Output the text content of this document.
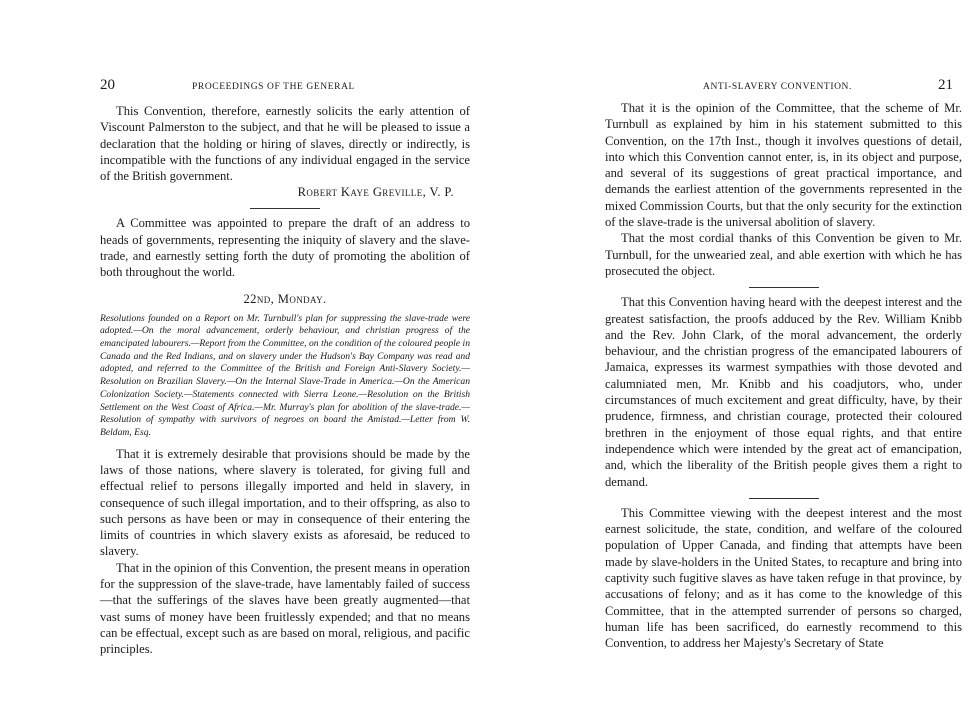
20	PROCEEDINGS OF THE GENERAL

This Convention, therefore, earnestly solicits the early attention of Viscount Palmerston to the subject, and that he will be pleased to issue a declaration that the holding or hiring of slaves, directly or indirectly, is incompatible with the functions of any individual engaged in the service of the British government.

Robert Kaye Greville, V. P.

A Committee was appointed to prepare the draft of an address to heads of governments, representing the iniquity of slavery and the slave-trade, and earnestly setting forth the duty of promoting the abolition of both throughout the world.

22nd, Monday.
Resolutions founded on a Report on Mr. Turnbull's plan for suppressing the slave-trade were adopted.—On the moral advancement, orderly behaviour, and christian progress of the emancipated labourers.—Report from the Committee, on the condition of the coloured people in Canada and the Red Indians, and on slavery under the Hudson's Bay Company was read and adopted, and referred to the Committee of the British and Foreign Anti-Slavery Society.—Resolution on Brazilian Slavery.—On the Internal Slave-Trade in America.—On the American Colonization Society.—Statements connected with Sierra Leone.—Resolution on the British Settlement on the West Coast of Africa.—Mr. Murray's plan for abolition of the slave-trade.—Resolution of sympathy with survivors of negroes on board the Amistad.—Letter from W. Beldam, Esq.

That it is extremely desirable that provisions should be made by the laws of those nations, where slavery is tolerated, for giving full and effectual relief to persons illegally imported and held in slavery, in consequence of such illegal importation, and to their offspring, as also to such persons as have been or may in consequence of their entering the limits of countries in which slavery exists as aforesaid, be reduced to slavery.

That in the opinion of this Convention, the present means in operation for the suppression of the slave-trade, have lamentably failed of success—that the sufferings of the slaves have been greatly augmented—that vast sums of money have been fruitlessly expended; and that no means can be effectual, except such as are based on moral, religious, and pacific principles.

ANTI-SLAVERY CONVENTION.	21

That it is the opinion of the Committee, that the scheme of Mr. Turnbull as explained by him in his statement submitted to this Convention, on the 17th Inst., though it involves questions of detail, into which this Convention cannot enter, is, in its object and purpose, and several of its suggestions of great practical importance, and demands the earliest attention of the governments represented in the mixed Commission Courts, but that the only security for the extinction of the slave-trade is the universal abolition of slavery.

That the most cordial thanks of this Convention be given to Mr. Turnbull, for the unwearied zeal, and able exertion with which he has prosecuted the object.

That this Convention having heard with the deepest interest and the greatest satisfaction, the proofs adduced by the Rev. William Knibb and the Rev. John Clark, of the moral advancement, the orderly behaviour, and the christian progress of the emancipated labourers of Jamaica, expresses its warmest sympathies with those devoted and calumniated men, Mr. Knibb and his coadjutors, who, under circumstances of much excitement and great difficulty, have, by their prudence, firmness, and christian courage, protected their coloured brethren in the enjoyment of those equal rights, and that entire independence which were intended by the great act of emancipation, and, which the liberality of the British people gives them a right to demand.

This Committee viewing with the deepest interest and the most earnest solicitude, the state, condition, and welfare of the coloured population of Upper Canada, and finding that attempts have been made by slave-holders in the United States, to recapture and bring into captivity such fugitive slaves as have taken refuge in that province, by accusations of felony; and as it has come to the knowledge of this Committee, that in the attempted surrender of persons so charged, human life has been sacrificed, do earnestly recommend to this Convention, to address her Majesty's Secretary of State
